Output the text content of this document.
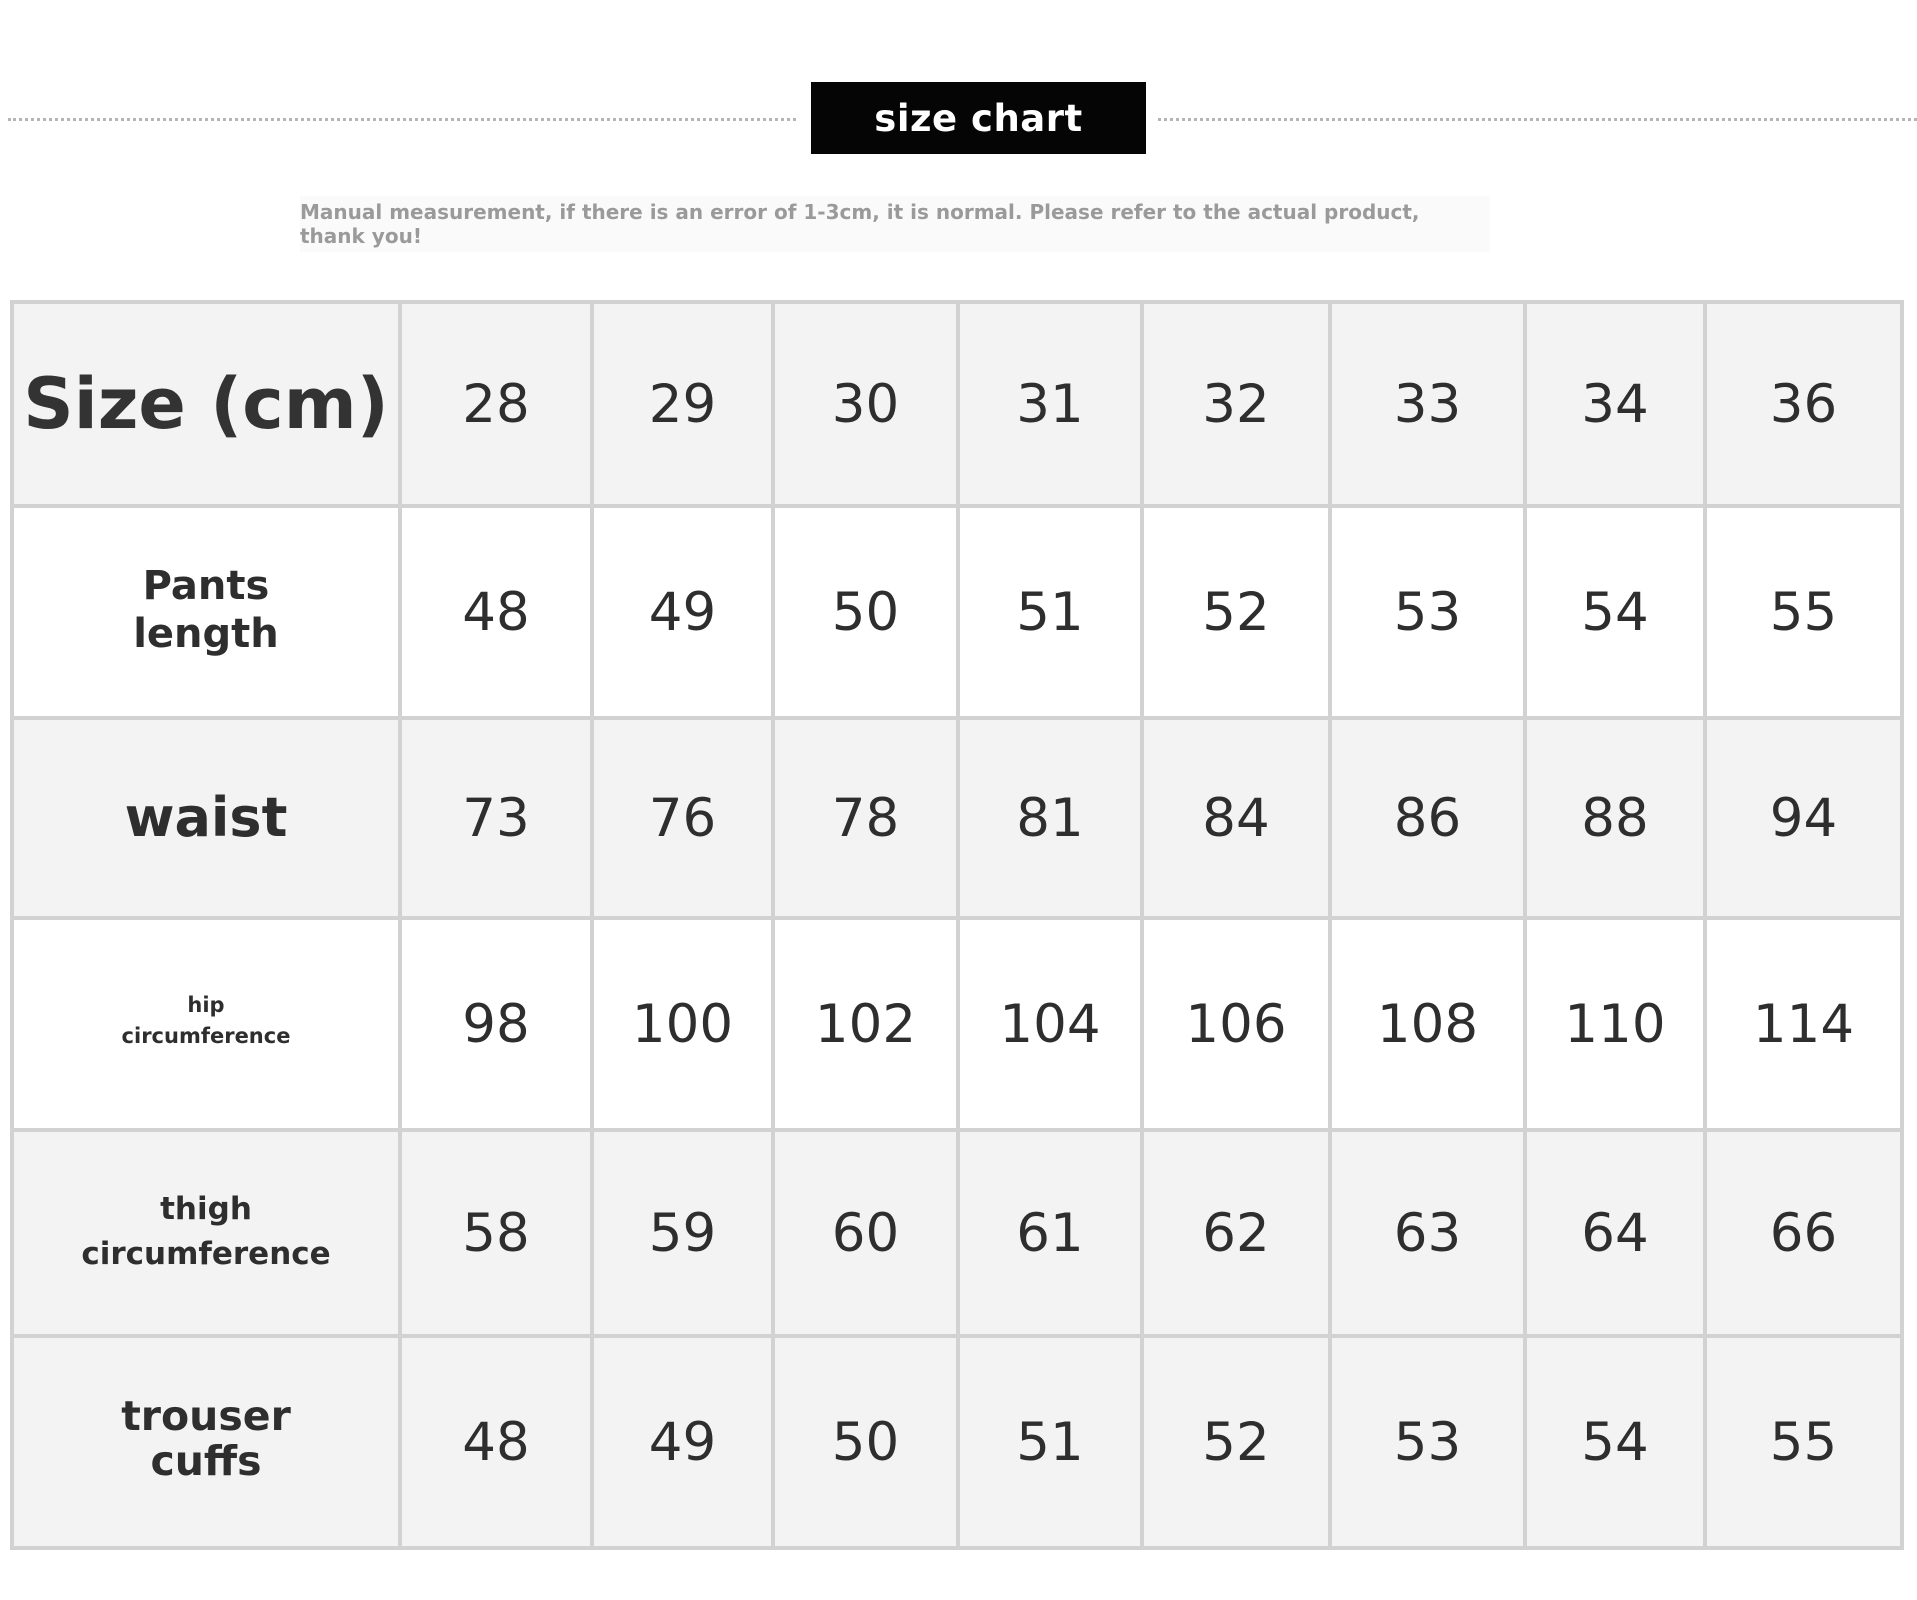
size chart
Manual measurement, if there is an error of 1-3cm, it is normal. Please refer to the actual product, thank you!
Size (cm)	28	29	30	31	32	33	34	36
Pants
length	48	49	50	51	52	53	54	55
waist	73	76	78	81	84	86	88	94
hip
circumference	98	100	102	104	106	108	110	114
thigh
circumference	58	59	60	61	62	63	64	66
trouser
cuffs	48	49	50	51	52	53	54	55
